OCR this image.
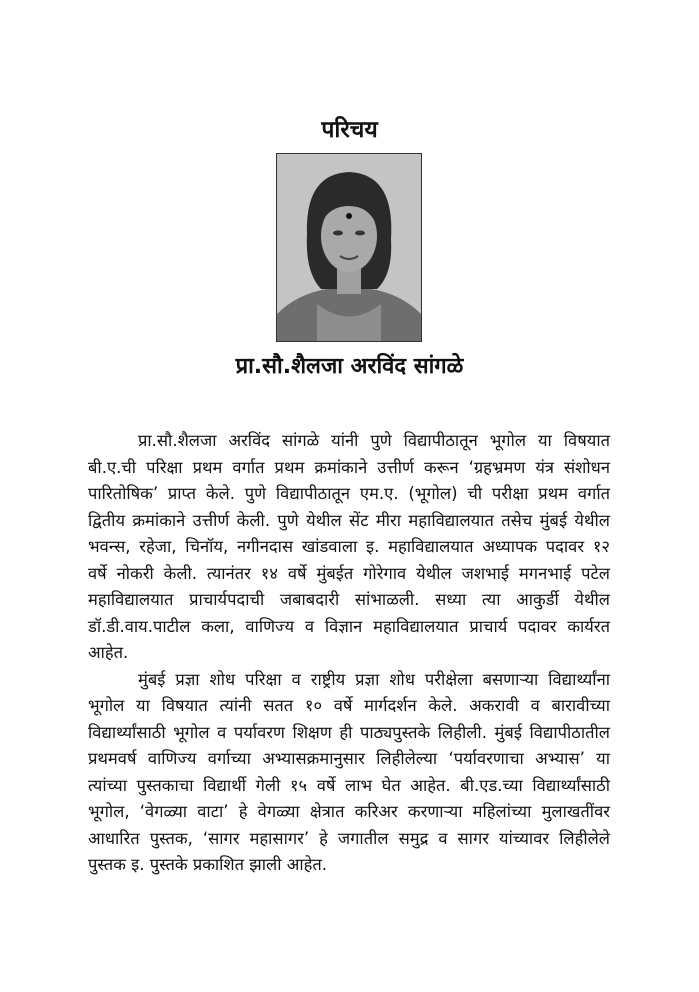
परिचय
प्रा.सौ.शैलजा अरविंद सांगळे
प्रा.सौ.शैलजा अरविंद सांगळे यांनी पुणे विद्यापीठातून भूगोल या विषयात
बी.ए.ची परिक्षा प्रथम वर्गात प्रथम क्रमांकाने उत्तीर्ण करून ‘ग्रहभ्रमण यंत्र संशोधन
पारितोषिक’ प्राप्त केले. पुणे विद्यापीठातून एम.ए. (भूगोल) ची परीक्षा प्रथम वर्गात
द्वितीय क्रमांकाने उत्तीर्ण केली. पुणे येथील सेंट मीरा महाविद्यालयात तसेच मुंबई येथील
भवन्स, रहेजा, चिनॉय, नगीनदास खांडवाला इ. महाविद्यालयात अध्यापक पदावर १२
वर्षे नोकरी केली. त्यानंतर १४ वर्षे मुंबईत गोरेगाव येथील जशभाई मगनभाई पटेल
महाविद्यालयात प्राचार्यपदाची जबाबदारी सांभाळली. सध्या त्या आकुर्डी येथील
डॉ.डी.वाय.पाटील कला, वाणिज्य व विज्ञान महाविद्यालयात प्राचार्य पदावर कार्यरत
आहेत.
मुंबई प्रज्ञा शोध परिक्षा व राष्ट्रीय प्रज्ञा शोध परीक्षेला बसणाऱ्या विद्यार्थ्यांना
भूगोल या विषयात त्यांनी सतत १० वर्षे मार्गदर्शन केले. अकरावी व बारावीच्या
विद्यार्थ्यांसाठी भूगोल व पर्यावरण शिक्षण ही पाठ्यपुस्तके लिहीली. मुंबई विद्यापीठातील
प्रथमवर्ष वाणिज्य वर्गाच्या अभ्यासक्रमानुसार लिहीलेल्या ‘पर्यावरणाचा अभ्यास’ या
त्यांच्या पुस्तकाचा विद्यार्थी गेली १५ वर्षे लाभ घेत आहेत. बी.एड.च्या विद्यार्थ्यांसाठी
भूगोल, ‘वेगळ्या वाटा’ हे वेगळ्या क्षेत्रात करिअर करणाऱ्या महिलांच्या मुलाखतींवर
आधारित पुस्तक, ‘सागर महासागर’ हे जगातील समुद्र व सागर यांच्यावर लिहीलेले
पुस्तक इ. पुस्तके प्रकाशित झाली आहेत.
